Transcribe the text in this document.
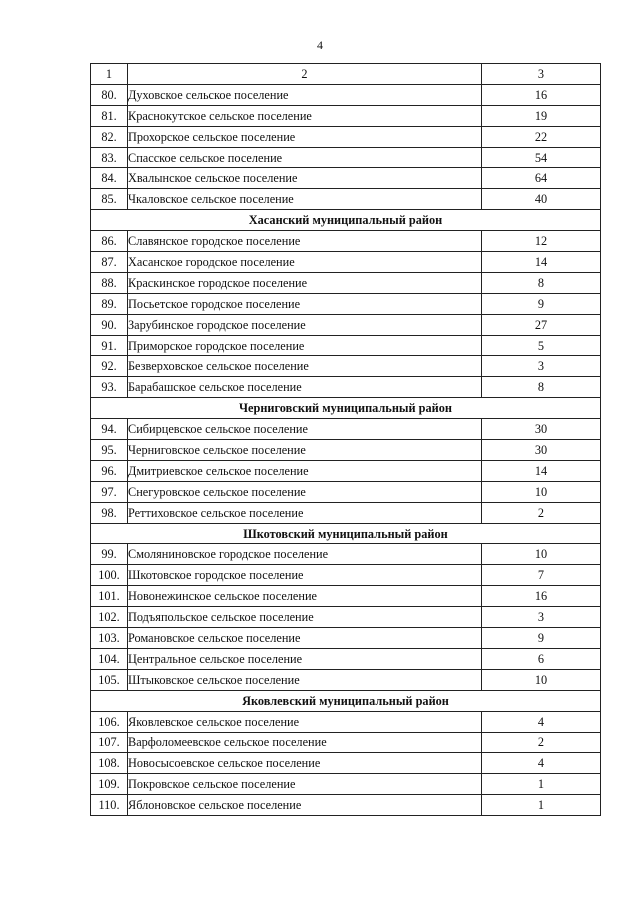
4
1	2	3
80.	Духовское сельское поселение	16
81.	Краснокутское сельское поселение	19
82.	Прохорское сельское поселение	22
83.	Спасское сельское поселение	54
84.	Хвалынское сельское поселение	64
85.	Чкаловское сельское поселение	40
Хасанский муниципальный район		
86.	Славянское городское поселение	12
87.	Хасанское городское поселение	14
88.	Краскинское городское поселение	8
89.	Посьетское городское поселение	9
90.	Зарубинское городское поселение	27
91.	Приморское городское поселение	5
92.	Безверховское сельское поселение	3
93.	Барабашское сельское поселение	8
Черниговский муниципальный район		
94.	Сибирцевское сельское поселение	30
95.	Черниговское сельское поселение	30
96.	Дмитриевское сельское поселение	14
97.	Снегуровское сельское поселение	10
98.	Реттиховское сельское поселение	2
Шкотовский муниципальный район		
99.	Смоляниновское городское поселение	10
100.	Шкотовское городское поселение	7
101.	Новонежинское сельское поселение	16
102.	Подъяпольское сельское поселение	3
103.	Романовское сельское поселение	9
104.	Центральное сельское поселение	6
105.	Штыковское сельское поселение	10
Яковлевский муниципальный район		
106.	Яковлевское сельское поселение	4
107.	Варфоломеевское сельское поселение	2
108.	Новосысоевское сельское поселение	4
109.	Покровское сельское поселение	1
110.	Яблоновское сельское поселение	1
